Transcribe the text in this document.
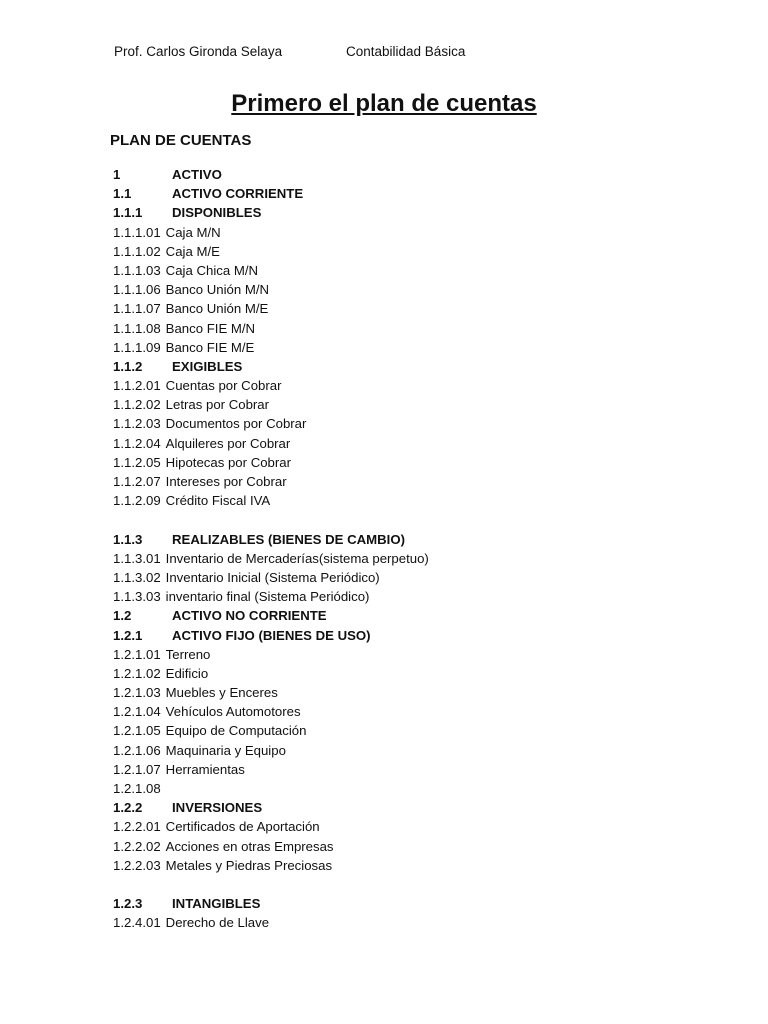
Prof. Carlos Gironda Selaya	Contabilidad Básica
Primero el plan de cuentas
PLAN DE CUENTAS
1	ACTIVO
1.1	ACTIVO CORRIENTE
1.1.1 DISPONIBLES
1.1.1.01 Caja M/N
1.1.1.02 Caja M/E
1.1.1.03 Caja Chica M/N
1.1.1.06 Banco Unión M/N
1.1.1.07 Banco Unión M/E
1.1.1.08 Banco FIE M/N
1.1.1.09 Banco FIE M/E
1.1.2 EXIGIBLES
1.1.2.01 Cuentas por Cobrar
1.1.2.02 Letras por Cobrar
1.1.2.03 Documentos por Cobrar
1.1.2.04 Alquileres por Cobrar
1.1.2.05 Hipotecas por Cobrar
1.1.2.07 Intereses por Cobrar
1.1.2.09 Crédito Fiscal IVA
1.1.3 REALIZABLES (BIENES DE CAMBIO)
1.1.3.01 Inventario de Mercaderías(sistema perpetuo)
1.1.3.02 Inventario Inicial (Sistema Periódico)
1.1.3.03 inventario final (Sistema Periódico)
1.2	ACTIVO NO CORRIENTE
1.2.1 ACTIVO FIJO (BIENES DE USO)
1.2.1.01 Terreno
1.2.1.02 Edificio
1.2.1.03 Muebles y Enceres
1.2.1.04 Vehículos Automotores
1.2.1.05 Equipo de Computación
1.2.1.06 Maquinaria y Equipo
1.2.1.07 Herramientas
1.2.1.08
1.2.2 INVERSIONES
1.2.2.01 Certificados de Aportación
1.2.2.02 Acciones en otras Empresas
1.2.2.03 Metales y Piedras Preciosas
1.2.3 INTANGIBLES
1.2.4.01 Derecho de Llave
